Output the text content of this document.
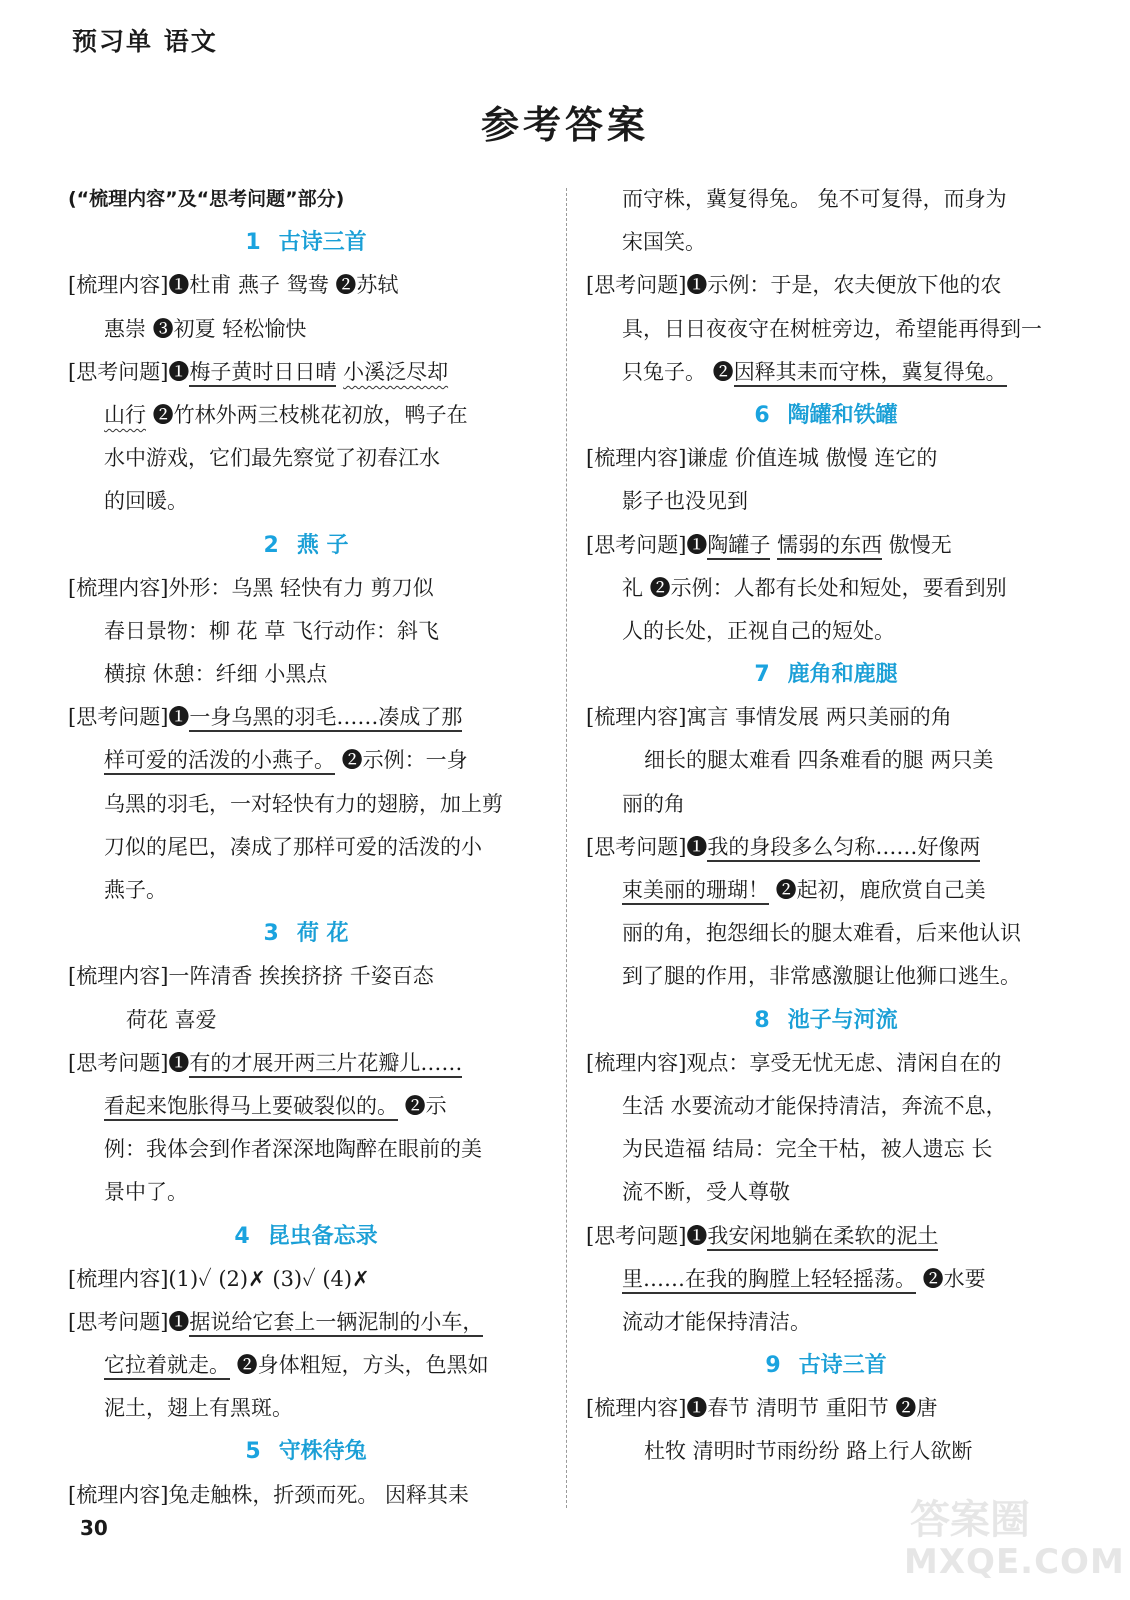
预习单 语文
参考答案
(“梳理内容”及“思考问题”部分)
1 古诗三首
[梳理内容]❶杜甫 燕子 鸳鸯 ❷苏轼
惠崇 ❸初夏 轻松愉快
[思考问题]❶梅子黄时日日晴 小溪泛尽却
山行 ❷竹林外两三枝桃花初放，鸭子在
水中游戏，它们最先察觉了初春江水
的回暖。
2 燕 子
[梳理内容]外形：乌黑 轻快有力 剪刀似
春日景物：柳 花 草 飞行动作：斜飞
横掠 休憩：纤细 小黑点
[思考问题]❶一身乌黑的羽毛……凑成了那
样可爱的活泼的小燕子。 ❷示例：一身
乌黑的羽毛，一对轻快有力的翅膀，加上剪
刀似的尾巴，凑成了那样可爱的活泼的小
燕子。
3 荷 花
[梳理内容]一阵清香 挨挨挤挤 千姿百态
荷花 喜爱
[思考问题]❶有的才展开两三片花瓣儿……
看起来饱胀得马上要破裂似的。 ❷示
例：我体会到作者深深地陶醉在眼前的美
景中了。
4 昆虫备忘录
[梳理内容](1)✓ (2)✗ (3)✓ (4)✗
[思考问题]❶据说给它套上一辆泥制的小车，
它拉着就走。 ❷身体粗短，方头，色黑如
泥土，翅上有黑斑。
5 守株待兔
[梳理内容]兔走触株，折颈而死。 因释其耒
而守株，冀复得兔。 兔不可复得，而身为
宋国笑。
[思考问题]❶示例：于是，农夫便放下他的农
具，日日夜夜守在树桩旁边，希望能再得到一
只兔子。 ❷因释其耒而守株，冀复得兔。
6 陶罐和铁罐
[梳理内容]谦虚 价值连城 傲慢 连它的
影子也没见到
[思考问题]❶陶罐子 懦弱的东西 傲慢无
礼 ❷示例：人都有长处和短处，要看到别
人的长处，正视自己的短处。
7 鹿角和鹿腿
[梳理内容]寓言 事情发展 两只美丽的角
细长的腿太难看 四条难看的腿 两只美
丽的角
[思考问题]❶我的身段多么匀称……好像两
束美丽的珊瑚！ ❷起初，鹿欣赏自己美
丽的角，抱怨细长的腿太难看，后来他认识
到了腿的作用，非常感激腿让他狮口逃生。
8 池子与河流
[梳理内容]观点：享受无忧无虑、清闲自在的
生活 水要流动才能保持清洁，奔流不息，
为民造福 结局：完全干枯，被人遗忘 长
流不断，受人尊敬
[思考问题]❶我安闲地躺在柔软的泥土
里……在我的胸膛上轻轻摇荡。 ❷水要
流动才能保持清洁。
9 古诗三首
[梳理内容]❶春节 清明节 重阳节 ❷唐
杜牧 清明时节雨纷纷 路上行人欲断
30	答案圈
MXQE.COM
